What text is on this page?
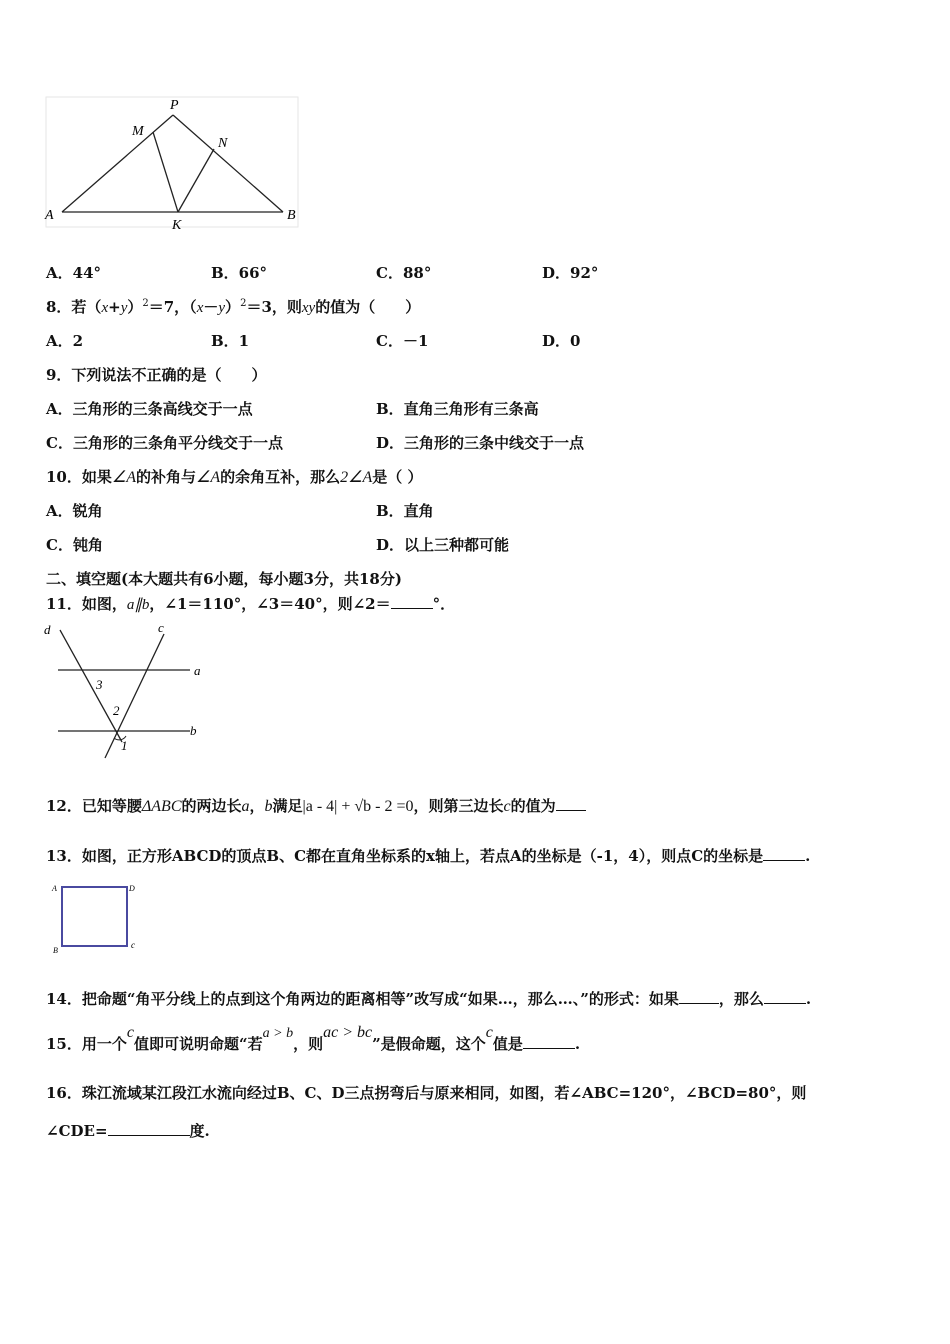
P
M
N
A
K
B
A．44°	B．66°	C．88°	D．92°
8．若$(x+y)^2=7$，$(x-y)^2=3$，则xy的值为（　　）
A．2	B．1	C．－1	D．0
9．下列说法不正确的是（　　）
A．三角形的三条高线交于一点	B．直角三角形有三条高
C．三角形的三条角平分线交于一点	D．三角形的三条中线交于一点
10．如果∠A的补角与∠A的余角互补，那么2∠A是（ ）
A．锐角	B．直角
C．钝角	D．以上三种都可能
二、填空题(本大题共有6小题，每小题3分，共18分)
11．如图，a∥b，∠1＝110°，∠3＝40°，则∠2＝	°．
d	c
a
b
3
2
1
12．已知等腰ΔABC的两边长a，b满足|a - 4| + √b - 2 =0，则第三边长c的值为
13．如图，正方形ABCD的顶点B、C都在直角坐标系的x轴上，若点A的坐标是（-1，4），则点C的坐标是	.
A	D
B
c
14．把命题“角平分线上的点到这个角两边的距离相等”改写成“如果…，那么…、”的形式：如果	，那么	.
15．用一个c值即可说明命题“若a > b，则ac > bc”是假命题，这个c值是	.
16．珠江流域某江段江水流向经过B、C、D三点拐弯后与原来相同，如图，若∠ABC=120°，∠BCD=80°，则
∠CDE=	度.
